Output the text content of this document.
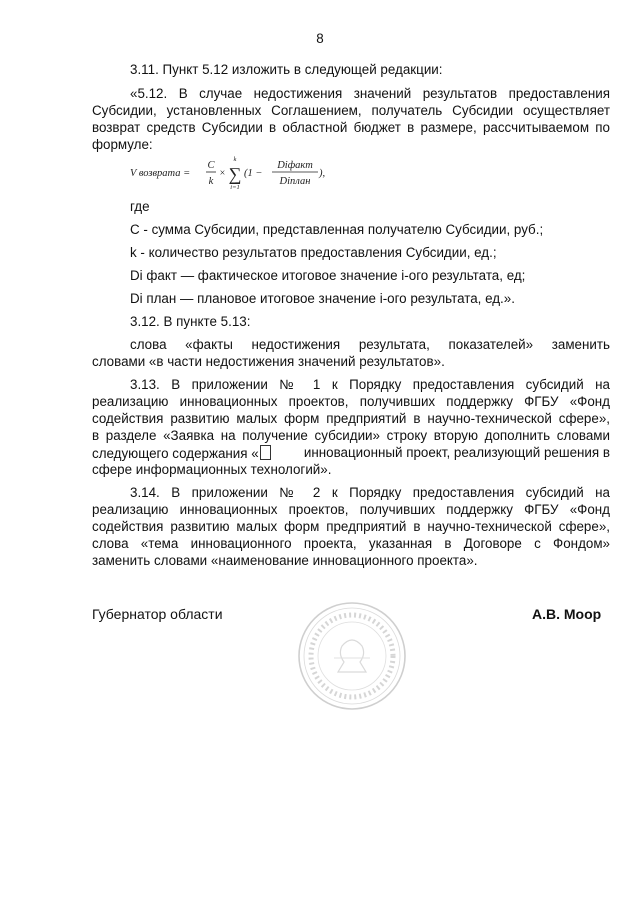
8
3.11. Пункт 5.12 изложить в следующей редакции:
«5.12. В случае недостижения значений результатов предоставления
Субсидии, установленных Соглашением, получатель Субсидии осуществляет
возврат средств Субсидии в областной бюджет в размере, рассчитываемом по
формуле:
V возврата =
C
k
×
k
∑
i=1
(1 −
Diфакт
Diплан
),
где
С - сумма Субсидии, представленная получателю Субсидии, руб.;
k - количество результатов предоставления Субсидии, ед.;
Di факт — фактическое итоговое значение i-ого результата, ед;
Di план — плановое итоговое значение i-ого результата, ед.».
3.12. В пункте 5.13:
слова «факты недостижения результата, показателей» заменить
словами «в части недостижения значений результатов».
3.13. В приложении № 1 к Порядку предоставления субсидий на
реализацию инновационных проектов, получивших поддержку ФГБУ «Фонд
содействия развитию малых форм предприятий в научно-технической сфере»,
в разделе «Заявка на получение субсидии» строку вторую дополнить словами
следующего содержания «	инновационный проект, реализующий решения в
сфере информационных технологий».
3.14. В приложении № 2 к Порядку предоставления субсидий на
реализацию инновационных проектов, получивших поддержку ФГБУ «Фонд
содействия развитию малых форм предприятий в научно-технической сфере»,
слова «тема инновационного проекта, указанная в Договоре с Фондом»
заменить словами «наименование инновационного проекта».
Губернатор области	А.В. Моор
